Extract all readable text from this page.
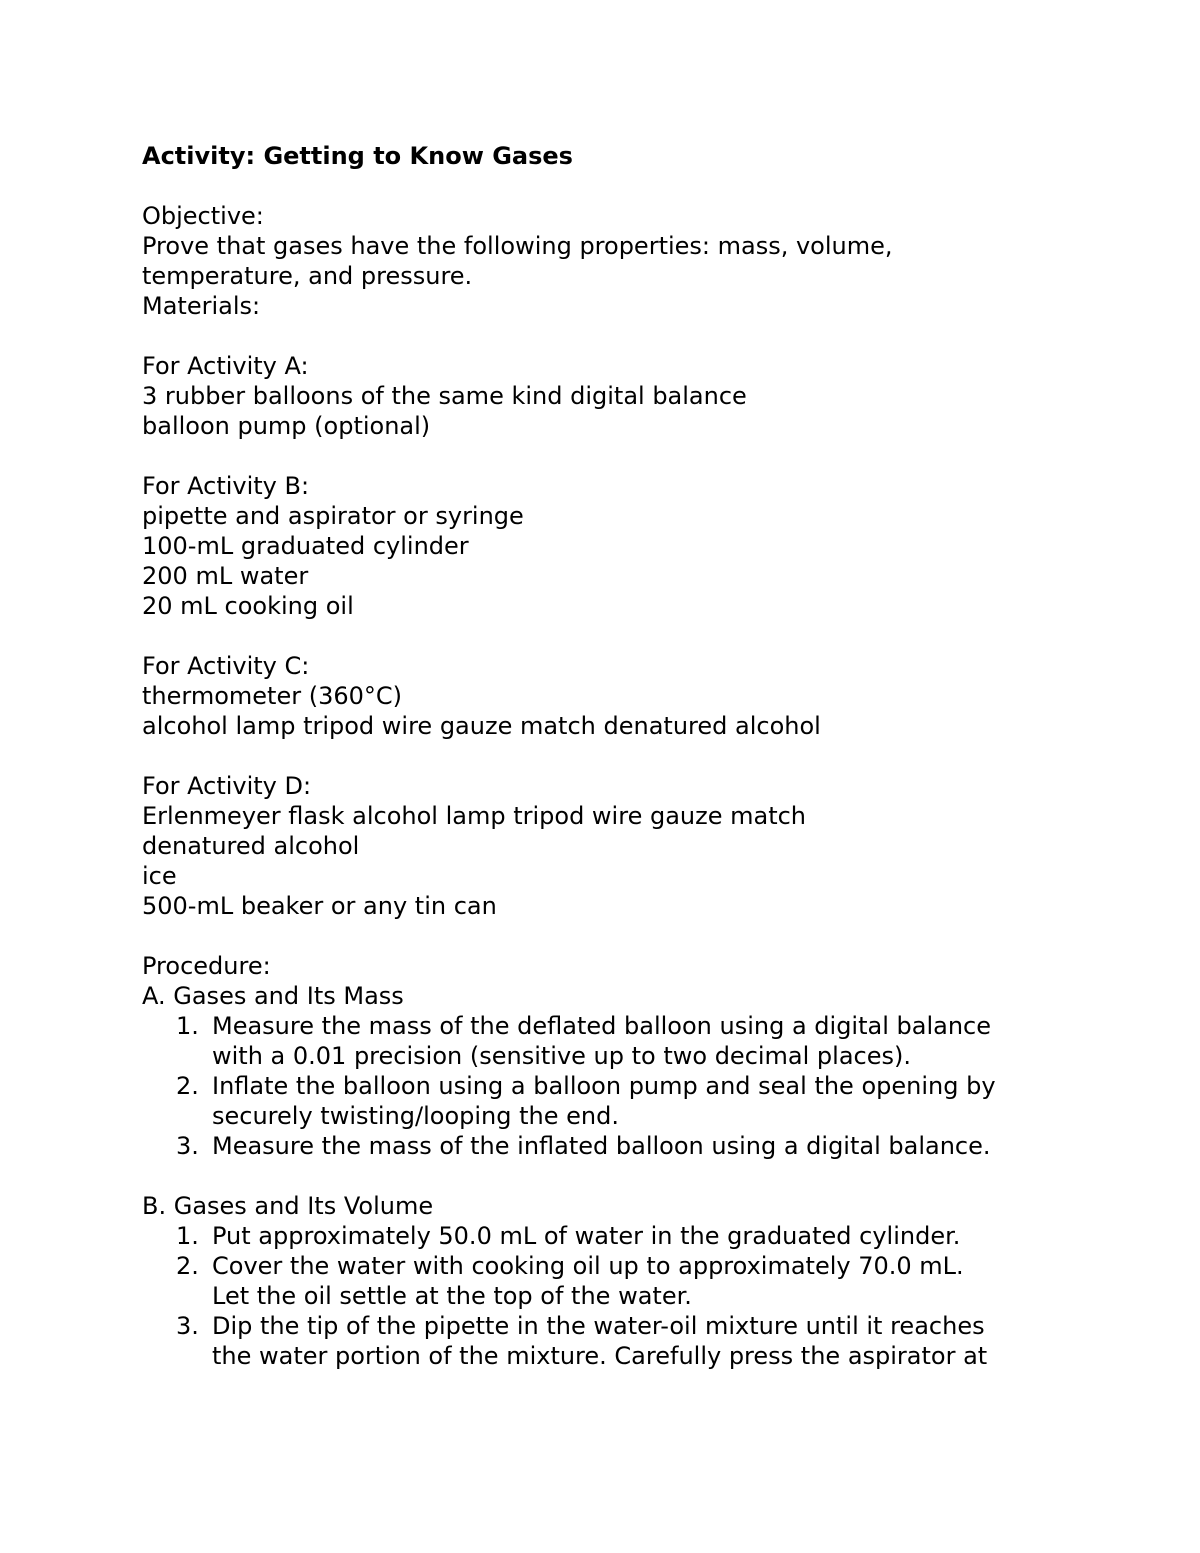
Activity: Getting to Know Gases
Objective:
Prove that gases have the following properties: mass, volume,
temperature, and pressure.
Materials:
For Activity A:
3 rubber balloons of the same kind digital balance
balloon pump (optional)
For Activity B:
pipette and aspirator or syringe
100-mL graduated cylinder
200 mL water
20 mL cooking oil
For Activity C:
thermometer (360°C)
alcohol lamp tripod wire gauze match denatured alcohol
For Activity D:
Erlenmeyer flask alcohol lamp tripod wire gauze match
denatured alcohol
ice
500-mL beaker or any tin can
Procedure:
A. Gases and Its Mass
1. Measure the mass of the deflated balloon using a digital balance
with a 0.01 precision (sensitive up to two decimal places).
2. Inflate the balloon using a balloon pump and seal the opening by
securely twisting/looping the end.
3. Measure the mass of the inflated balloon using a digital balance.
B. Gases and Its Volume
1. Put approximately 50.0 mL of water in the graduated cylinder.
2. Cover the water with cooking oil up to approximately 70.0 mL.
Let the oil settle at the top of the water.
3. Dip the tip of the pipette in the water-oil mixture until it reaches
the water portion of the mixture. Carefully press the aspirator at
